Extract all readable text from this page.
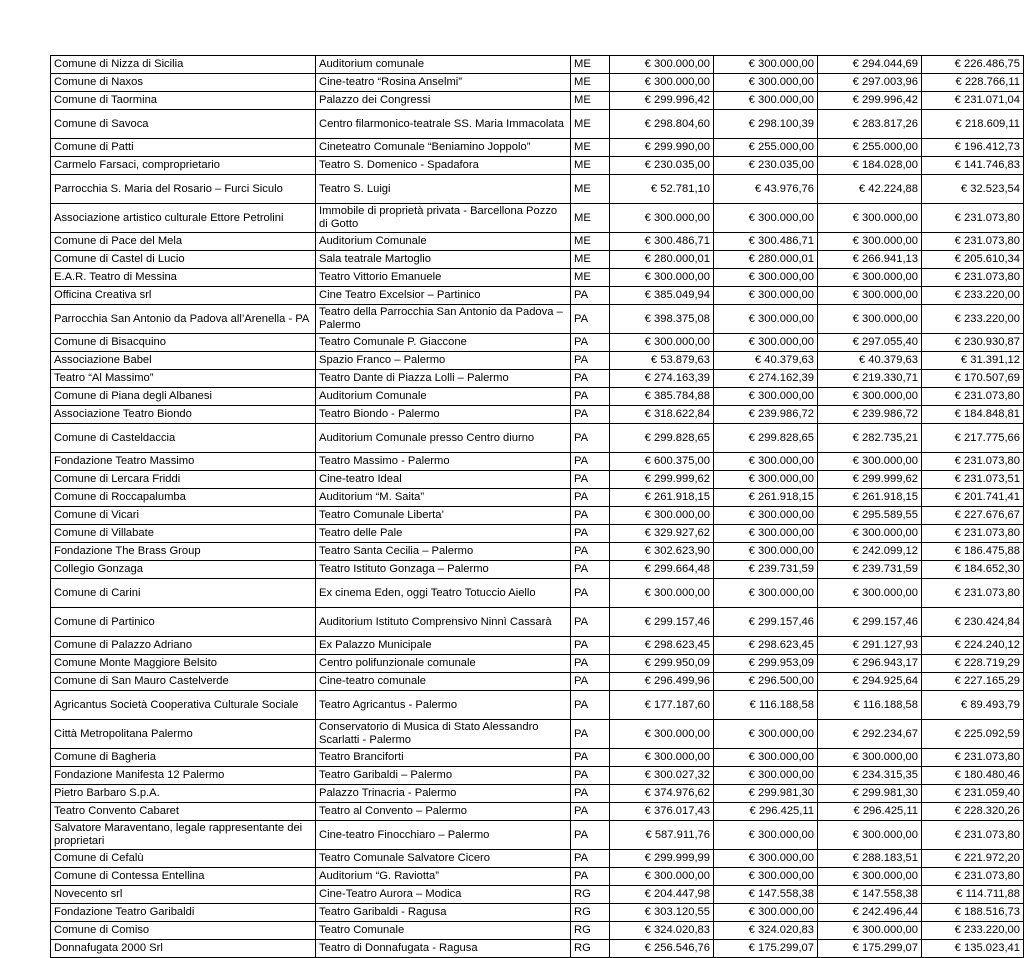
Comune di Nizza di Sicilia	Auditorium comunale	ME	€ 300.000,00	€ 300.000,00	€ 294.044,69	€ 226.486,75
Comune di Naxos	Cine-teatro “Rosina Anselmi”	ME	€ 300.000,00	€ 300.000,00	€ 297.003,96	€ 228.766,11
Comune di Taormina	Palazzo dei Congressi	ME	€ 299.996,42	€ 300.000,00	€ 299.996,42	€ 231.071,04
Comune di Savoca	Centro filarmonico-teatrale SS. Maria Immacolata	ME	€ 298.804,60	€ 298.100,39	€ 283.817,26	€ 218.609,11
Comune di Patti	Cineteatro Comunale “Beniamino Joppolo”	ME	€ 299.990,00	€ 255.000,00	€ 255.000,00	€ 196.412,73
Carmelo Farsaci, comproprietario	Teatro S. Domenico - Spadafora	ME	€ 230.035,00	€ 230.035,00	€ 184.028,00	€ 141.746,83
Parrocchia S. Maria del Rosario – Furci Siculo	Teatro S. Luigi	ME	€ 52.781,10	€ 43.976,76	€ 42.224,88	€ 32.523,54
Associazione artistico culturale Ettore Petrolini	Immobile di proprietà privata - Barcellona Pozzo di Gotto	ME	€ 300.000,00	€ 300.000,00	€ 300.000,00	€ 231.073,80
Comune di Pace del Mela	Auditorium Comunale	ME	€ 300.486,71	€ 300.486,71	€ 300.000,00	€ 231.073,80
Comune di Castel di Lucio	Sala teatrale Martoglio	ME	€ 280.000,01	€ 280.000,01	€ 266.941,13	€ 205.610,34
E.A.R. Teatro di Messina	Teatro Vittorio Emanuele	ME	€ 300.000,00	€ 300.000,00	€ 300.000,00	€ 231.073,80
Officina Creativa srl	Cine Teatro Excelsior – Partinico	PA	€ 385.049,94	€ 300.000,00	€ 300.000,00	€ 233.220,00
Parrocchia San Antonio da Padova all’Arenella - PA	Teatro della Parrocchia San Antonio da Padova – Palermo	PA	€ 398.375,08	€ 300.000,00	€ 300.000,00	€ 233.220,00
Comune di Bisacquino	Teatro Comunale P. Giaccone	PA	€ 300.000,00	€ 300.000,00	€ 297.055,40	€ 230.930,87
Associazione Babel	Spazio Franco – Palermo	PA	€ 53.879,63	€ 40.379,63	€ 40.379,63	€ 31.391,12
Teatro “Al Massimo”	Teatro Dante di Piazza Lolli – Palermo	PA	€ 274.163,39	€ 274.162,39	€ 219.330,71	€ 170.507,69
Comune di Piana degli Albanesi	Auditorium Comunale	PA	€ 385.784,88	€ 300.000,00	€ 300.000,00	€ 231.073,80
Associazione Teatro Biondo	Teatro Biondo - Palermo	PA	€ 318.622,84	€ 239.986,72	€ 239.986,72	€ 184.848,81
Comune di Casteldaccia	Auditorium Comunale presso Centro diurno	PA	€ 299.828,65	€ 299.828,65	€ 282.735,21	€ 217.775,66
Fondazione Teatro Massimo	Teatro Massimo - Palermo	PA	€ 600.375,00	€ 300.000,00	€ 300.000,00	€ 231.073,80
Comune di Lercara Friddi	Cine-teatro Ideal	PA	€ 299.999,62	€ 300.000,00	€ 299.999,62	€ 231.073,51
Comune di Roccapalumba	Auditorium “M. Saita”	PA	€ 261.918,15	€ 261.918,15	€ 261.918,15	€ 201.741,41
Comune di Vicari	Teatro Comunale Liberta’	PA	€ 300.000,00	€ 300.000,00	€ 295.589,55	€ 227.676,67
Comune di Villabate	Teatro delle Pale	PA	€ 329.927,62	€ 300.000,00	€ 300.000,00	€ 231.073,80
Fondazione The Brass Group	Teatro Santa Cecilia – Palermo	PA	€ 302.623,90	€ 300.000,00	€ 242.099,12	€ 186.475,88
Collegio Gonzaga	Teatro Istituto Gonzaga – Palermo	PA	€ 299.664,48	€ 239.731,59	€ 239.731,59	€ 184.652,30
Comune di Carini	Ex cinema Eden, oggi Teatro Totuccio Aiello	PA	€ 300.000,00	€ 300.000,00	€ 300.000,00	€ 231.073,80
Comune di Partinico	Auditorium Istituto Comprensivo Ninnì Cassarà	PA	€ 299.157,46	€ 299.157,46	€ 299.157,46	€ 230.424,84
Comune di Palazzo Adriano	Ex Palazzo Municipale	PA	€ 298.623,45	€ 298.623,45	€ 291.127,93	€ 224.240,12
Comune Monte Maggiore Belsito	Centro polifunzionale comunale	PA	€ 299.950,09	€ 299.953,09	€ 296.943,17	€ 228.719,29
Comune di San Mauro Castelverde	Cine-teatro comunale	PA	€ 296.499,96	€ 296.500,00	€ 294.925,64	€ 227.165,29
Agricantus Società Cooperativa Culturale Sociale	Teatro Agricantus - Palermo	PA	€ 177.187,60	€ 116.188,58	€ 116.188,58	€ 89.493,79
Città Metropolitana Palermo	Conservatorio di Musica di Stato Alessandro Scarlatti - Palermo	PA	€ 300.000,00	€ 300.000,00	€ 292.234,67	€ 225.092,59
Comune di Bagheria	Teatro Branciforti	PA	€ 300.000,00	€ 300.000,00	€ 300.000,00	€ 231.073,80
Fondazione Manifesta 12 Palermo	Teatro Garibaldi – Palermo	PA	€ 300.027,32	€ 300.000,00	€ 234.315,35	€ 180.480,46
Pietro Barbaro S.p.A.	Palazzo Trinacria - Palermo	PA	€ 374.976,62	€ 299.981,30	€ 299.981,30	€ 231.059,40
Teatro Convento Cabaret	Teatro al Convento – Palermo	PA	€ 376.017,43	€ 296.425,11	€ 296.425,11	€ 228.320,26
Salvatore Maraventano, legale rappresentante dei proprietari	Cine-teatro Finocchiaro – Palermo	PA	€ 587.911,76	€ 300.000,00	€ 300.000,00	€ 231.073,80
Comune di Cefalù	Teatro Comunale Salvatore Cicero	PA	€ 299.999,99	€ 300.000,00	€ 288.183,51	€ 221.972,20
Comune di Contessa Entellina	Auditorium “G. Raviotta”	PA	€ 300.000,00	€ 300.000,00	€ 300.000,00	€ 231.073,80
Novecento srl	Cine-Teatro Aurora – Modica	RG	€ 204.447,98	€ 147.558,38	€ 147.558,38	€ 114.711,88
Fondazione Teatro Garibaldi	Teatro Garibaldi - Ragusa	RG	€ 303.120,55	€ 300.000,00	€ 242.496,44	€ 188.516,73
Comune di Comiso	Teatro Comunale	RG	€ 324.020,83	€ 324.020,83	€ 300.000,00	€ 233.220,00
Donnafugata 2000 Srl	Teatro di Donnafugata - Ragusa	RG	€ 256.546,76	€ 175.299,07	€ 175.299,07	€ 135.023,41
